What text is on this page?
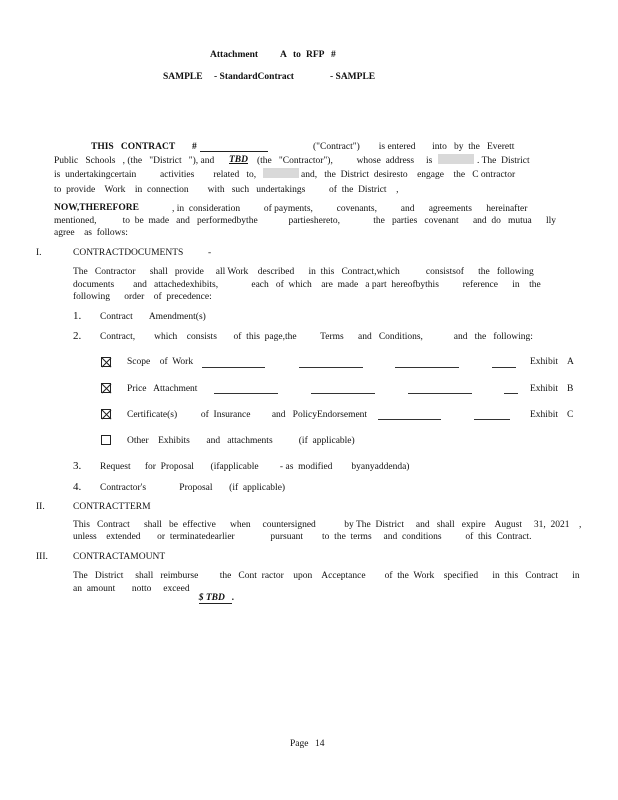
Attachment A to RFP #
SAMPLE - StandardContract	- SAMPLE
THIS   CONTRACT #	("Contract")        is entered       into   by  the   Everett
Public   Schools   , (the   "District   "), and TBD (the   "Contractor"),          whose  address     is	. The  District
is  undertakingcertain          activities        related   to,	and,   the  District  desiresto    engage    the   C ontractor
to  provide    Work    in  connection        with   such   undertakings          of  the  District    ,
NOW,THEREFORE	, in  consideration          of payments,          covenants,          and      agreements      hereinafter
mentioned,           to  be  made   and   performedbythe             partieshereto,              the   parties   covenant      and  do   mutua      lly
agree    as  follows:
I.	CONTRACTDOCUMENTS	-
The   Contractor      shall   provide     all Work    described      in  this   Contract,which           consistsof      the   following
documents        and   attachedexhibits,              each   of  which    are  made   a part  hereofbythis          reference      in    the
following      order    of  precedence:
1. Contract       Amendment(s)
2. Contract,        which    consists       of  this  page,the          Terms      and   Conditions,             and   the   following:
Scope    of  Work	Exhibit A
Price   Attachment	Exhibit B
Certificate(s)          of  Insurance         and   PolicyEndorsement	Exhibit C
Other    Exhibits       and   attachments           (if  applicable)
3. Request      for  Proposal       (ifapplicable         - as  modified        byanyaddenda)
4. Contractor's              Proposal       (if  applicable)
II.	CONTRACTTERM
This   Contract      shall   be  effective      when     countersigned            by The  District     and   shall   expire    August     31,  2021    ,
unless    extended       or  terminatedearlier               pursuant        to  the  terms     and  conditions          of  this  Contract.
III.	CONTRACTAMOUNT
The   District     shall   reimburse         the   Cont  ractor    upon    Acceptance        of  the  Work    specified      in  this   Contract      in
an  amount       notto     exceed

$ TBD .

Page 14
